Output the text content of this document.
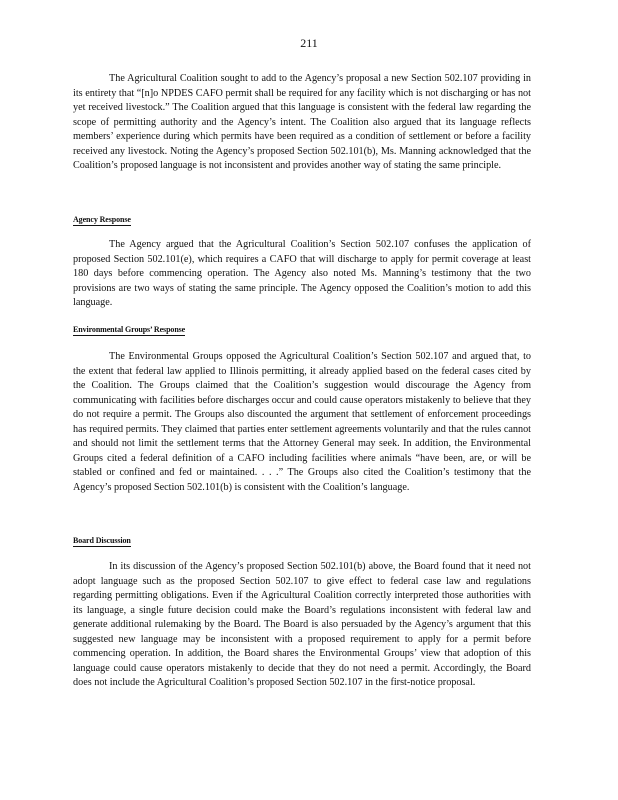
211

The Agricultural Coalition sought to add to the Agency’s proposal a new Section 502.107 providing in its entirety that “[n]o NPDES CAFO permit shall be required for any facility which is not discharging or has not yet received livestock.” The Coalition argued that this language is consistent with the federal law regarding the scope of permitting authority and the Agency’s intent. The Coalition also argued that its language reflects members’ experience during which permits have been required as a condition of settlement or before a facility received any livestock. Noting the Agency’s proposed Section 502.101(b), Ms. Manning acknowledged that the Coalition’s proposed language is not inconsistent and provides another way of stating the same principle.

Agency Response

The Agency argued that the Agricultural Coalition’s Section 502.107 confuses the application of proposed Section 502.101(e), which requires a CAFO that will discharge to apply for permit coverage at least 180 days before commencing operation. The Agency also noted Ms. Manning’s testimony that the two provisions are two ways of stating the same principle. The Agency opposed the Coalition’s motion to add this language.

Environmental Groups’ Response

The Environmental Groups opposed the Agricultural Coalition’s Section 502.107 and argued that, to the extent that federal law applied to Illinois permitting, it already applied based on the federal cases cited by the Coalition. The Groups claimed that the Coalition’s suggestion would discourage the Agency from communicating with facilities before discharges occur and could cause operators mistakenly to believe that they do not require a permit. The Groups also discounted the argument that settlement of enforcement proceedings has required permits. They claimed that parties enter settlement agreements voluntarily and that the rules cannot and should not limit the settlement terms that the Attorney General may seek. In addition, the Environmental Groups cited a federal definition of a CAFO including facilities where animals “have been, are, or will be stabled or confined and fed or maintained. . . .” The Groups also cited the Coalition’s testimony that the Agency’s proposed Section 502.101(b) is consistent with the Coalition’s language.

Board Discussion

In its discussion of the Agency’s proposed Section 502.101(b) above, the Board found that it need not adopt language such as the proposed Section 502.107 to give effect to federal case law and regulations regarding permitting obligations. Even if the Agricultural Coalition correctly interpreted those authorities with its language, a single future decision could make the Board’s regulations inconsistent with federal law and generate additional rulemaking by the Board. The Board is also persuaded by the Agency’s argument that this suggested new language may be inconsistent with a proposed requirement to apply for a permit before commencing operation. In addition, the Board shares the Environmental Groups’ view that adoption of this language could cause operators mistakenly to decide that they do not need a permit. Accordingly, the Board does not include the Agricultural Coalition’s proposed Section 502.107 in the first-notice proposal.
